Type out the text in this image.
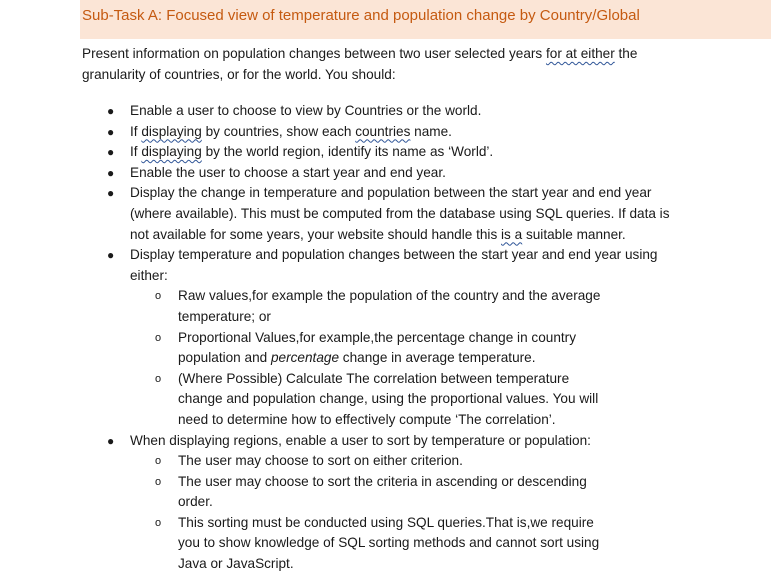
Sub-Task A: Focused view of temperature and population change by Country/Global

Present information on population changes between two user selected years for at either the granularity of countries, or for the world. You should:

● Enable a user to choose to view by Countries or the world.
● If displaying by countries, show each countries name.
● If displaying by the world region, identify its name as ‘World’.
● Enable the user to choose a start year and end year.
● Display the change in temperature and population between the start year and end year (where available). This must be computed from the database using SQL queries. If data is not available for some years, your website should handle this is a suitable manner.
● Display temperature and population changes between the start year and end year using either:
o Raw values,for example the population of the country and the average temperature; or
o Proportional Values,for example,the percentage change in country population and percentage change in average temperature.
o (Where Possible) Calculate The correlation between temperature change and population change, using the proportional values. You will need to determine how to effectively compute ‘The correlation’.
● When displaying regions, enable a user to sort by temperature or population:
o The user may choose to sort on either criterion.
o The user may choose to sort the criteria in ascending or descending order.
o This sorting must be conducted using SQL queries.That is,we require you to show knowledge of SQL sorting methods and cannot sort using Java or JavaScript.
